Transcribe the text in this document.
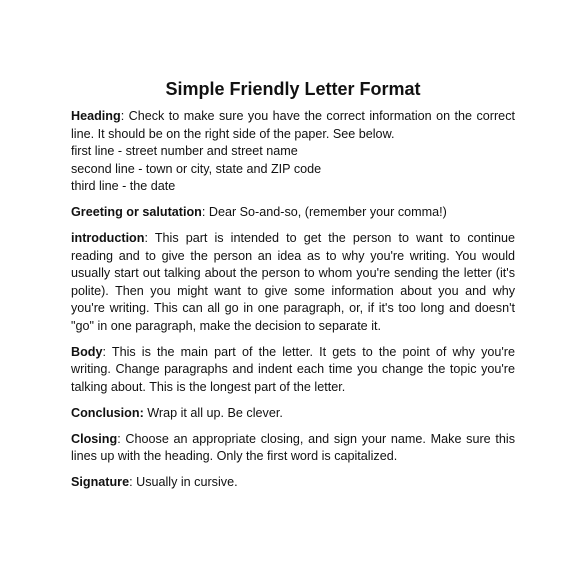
Simple Friendly Letter Format

Heading: Check to make sure you have the correct information on the correct line. It should be on the right side of the paper. See below.
first line - street number and street name
second line - town or city, state and ZIP code
third line - the date

Greeting or salutation: Dear So-and-so, (remember your comma!)

introduction: This part is intended to get the person to want to continue reading and to give the person an idea as to why you're writing. You would usually start out talking about the person to whom you're sending the letter (it's polite). Then you might want to give some information about you and why you're writing. This can all go in one paragraph, or, if it's too long and doesn't "go" in one paragraph, make the decision to separate it.

Body: This is the main part of the letter. It gets to the point of why you're writing. Change paragraphs and indent each time you change the topic you're talking about. This is the longest part of the letter.

Conclusion: Wrap it all up. Be clever.

Closing: Choose an appropriate closing, and sign your name. Make sure this lines up with the heading. Only the first word is capitalized.

Signature: Usually in cursive.
